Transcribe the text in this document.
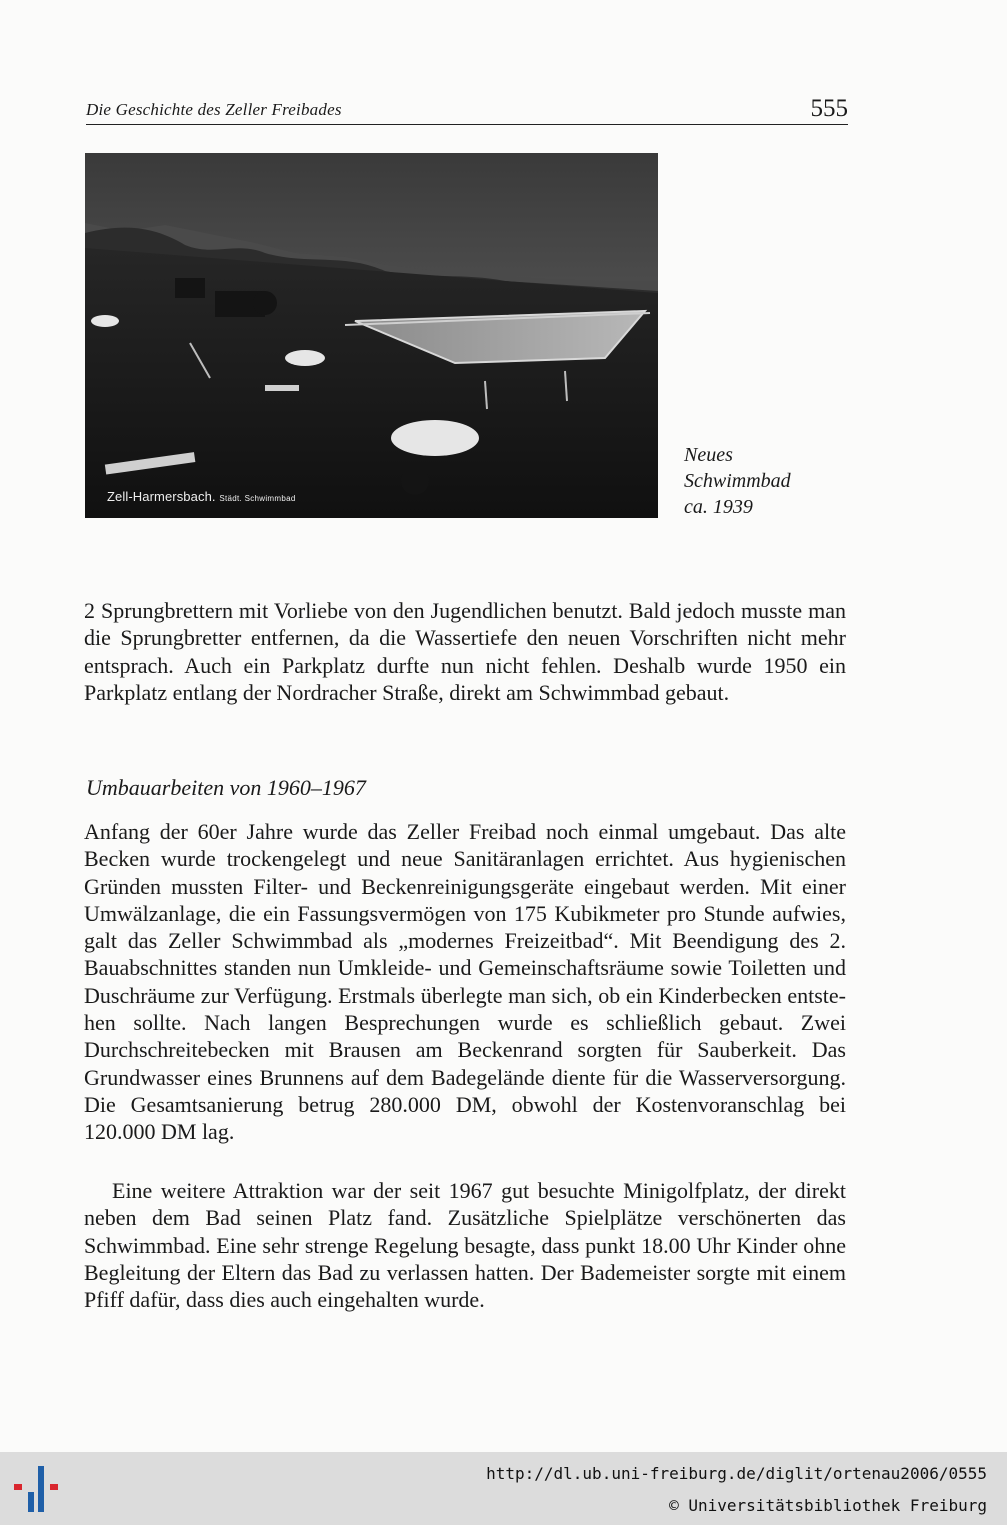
Die Geschichte des Zeller Freibades	555
Zell-Harmersbach. Städt. Schwimmbad
Neues
Schwimmbad
ca. 1939

2 Sprungbrettern mit Vorliebe von den Jugendlichen benutzt. Bald jedoch musste man die Sprungbretter entfernen, da die Wassertiefe den neuen Vorschriften nicht mehr entsprach. Auch ein Parkplatz durfte nun nicht fehlen. Deshalb wurde 1950 ein Parkplatz entlang der Nordracher Straße, direkt am Schwimmbad gebaut.

Umbauarbeiten von 1960–1967

Anfang der 60er Jahre wurde das Zeller Freibad noch einmal umgebaut. Das alte Becken wurde trockengelegt und neue Sanitäranlagen errichtet. Aus hygienischen Gründen mussten Filter- und Beckenreinigungsgeräte eingebaut werden. Mit einer Umwälzanlage, die ein Fassungsvermögen von 175 Kubikmeter pro Stunde aufwies, galt das Zeller Schwimmbad als „modernes Freizeitbad“. Mit Beendigung des 2. Bauabschnittes standen nun Umkleide- und Gemeinschaftsräume sowie Toiletten und Duschräume zur Verfügung. Erstmals überlegte man sich, ob ein Kinderbecken entstehen sollte. Nach langen Besprechungen wurde es schließlich gebaut. Zwei Durchschreitebecken mit Brausen am Beckenrand sorgten für Sauberkeit. Das Grundwasser eines Brunnens auf dem Badegelände diente für die Wasserversorgung. Die Gesamtsanierung betrug 280.000 DM, obwohl der Kostenvoranschlag bei 120.000 DM lag.

Eine weitere Attraktion war der seit 1967 gut besuchte Minigolfplatz, der direkt neben dem Bad seinen Platz fand. Zusätzliche Spielplätze verschönerten das Schwimmbad. Eine sehr strenge Regelung besagte, dass punkt 18.00 Uhr Kinder ohne Begleitung der Eltern das Bad zu verlassen hatten. Der Bademeister sorgte mit einem Pfiff dafür, dass dies auch eingehalten wurde.

http://dl.ub.uni-freiburg.de/diglit/ortenau2006/0555
© Universitätsbibliothek Freiburg
